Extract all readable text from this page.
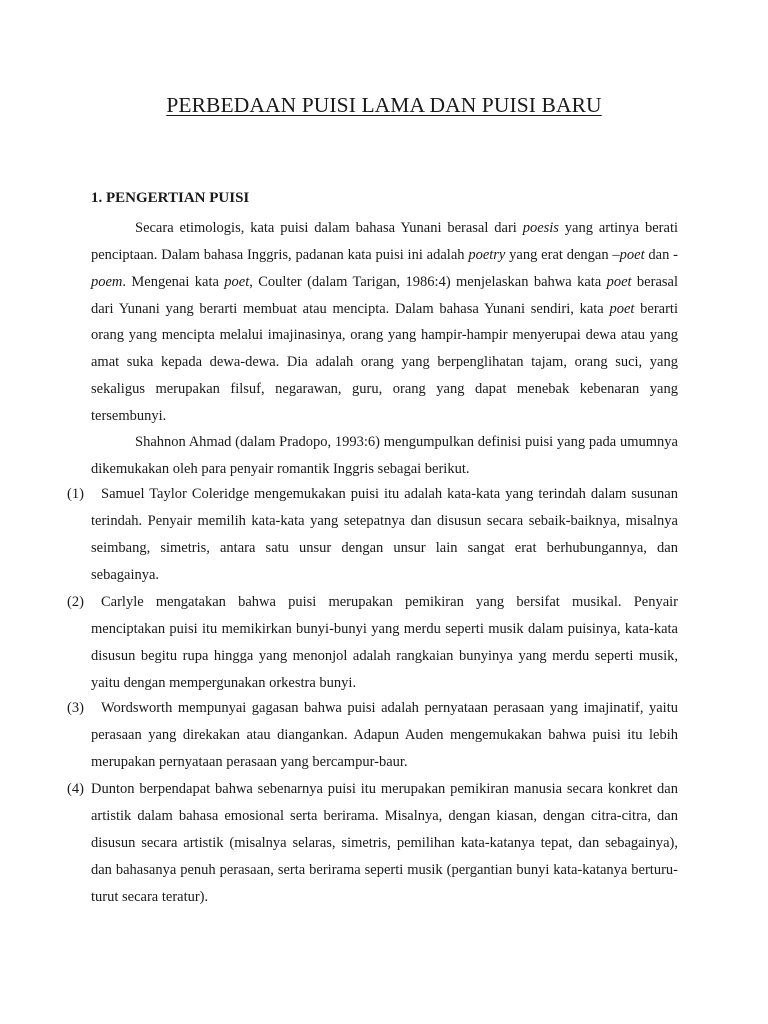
PERBEDAAN PUISI LAMA DAN PUISI BARU
1. PENGERTIAN PUISI
Secara etimologis, kata puisi dalam bahasa Yunani berasal dari poesis yang artinya berati penciptaan. Dalam bahasa Inggris, padanan kata puisi ini adalah poetry yang erat dengan –poet dan -poem. Mengenai kata poet, Coulter (dalam Tarigan, 1986:4) menjelaskan bahwa kata poet berasal dari Yunani yang berarti membuat atau mencipta. Dalam bahasa Yunani sendiri, kata poet berarti orang yang mencipta melalui imajinasinya, orang yang hampir-hampir menyerupai dewa atau yang amat suka kepada dewa-dewa. Dia adalah orang yang berpenglihatan tajam, orang suci, yang sekaligus merupakan filsuf, negarawan, guru, orang yang dapat menebak kebenaran yang tersembunyi.
Shahnon Ahmad (dalam Pradopo, 1993:6) mengumpulkan definisi puisi yang pada umumnya dikemukakan oleh para penyair romantik Inggris sebagai berikut.
(1)	Samuel Taylor Coleridge mengemukakan puisi itu adalah kata-kata yang terindah dalam susunan terindah. Penyair memilih kata-kata yang setepatnya dan disusun secara sebaik-baiknya, misalnya seimbang, simetris, antara satu unsur dengan unsur lain sangat erat berhubungannya, dan sebagainya.
(2)	Carlyle mengatakan bahwa puisi merupakan pemikiran yang bersifat musikal. Penyair menciptakan puisi itu memikirkan bunyi-bunyi yang merdu seperti musik dalam puisinya, kata-kata disusun begitu rupa hingga yang menonjol adalah rangkaian bunyinya yang merdu seperti musik, yaitu dengan mempergunakan orkestra bunyi.
(3)	Wordsworth mempunyai gagasan bahwa puisi adalah pernyataan perasaan yang imajinatif, yaitu perasaan yang direkakan atau diangankan. Adapun Auden mengemukakan bahwa puisi itu lebih merupakan pernyataan perasaan yang bercampur-baur.
(4) Dunton berpendapat bahwa sebenarnya puisi itu merupakan pemikiran manusia secara konkret dan artistik dalam bahasa emosional serta berirama. Misalnya, dengan kiasan, dengan citra-citra, dan disusun secara artistik (misalnya selaras, simetris, pemilihan kata-katanya tepat, dan sebagainya), dan bahasanya penuh perasaan, serta berirama seperti musik (pergantian bunyi kata-katanya berturu-turut secara teratur).
